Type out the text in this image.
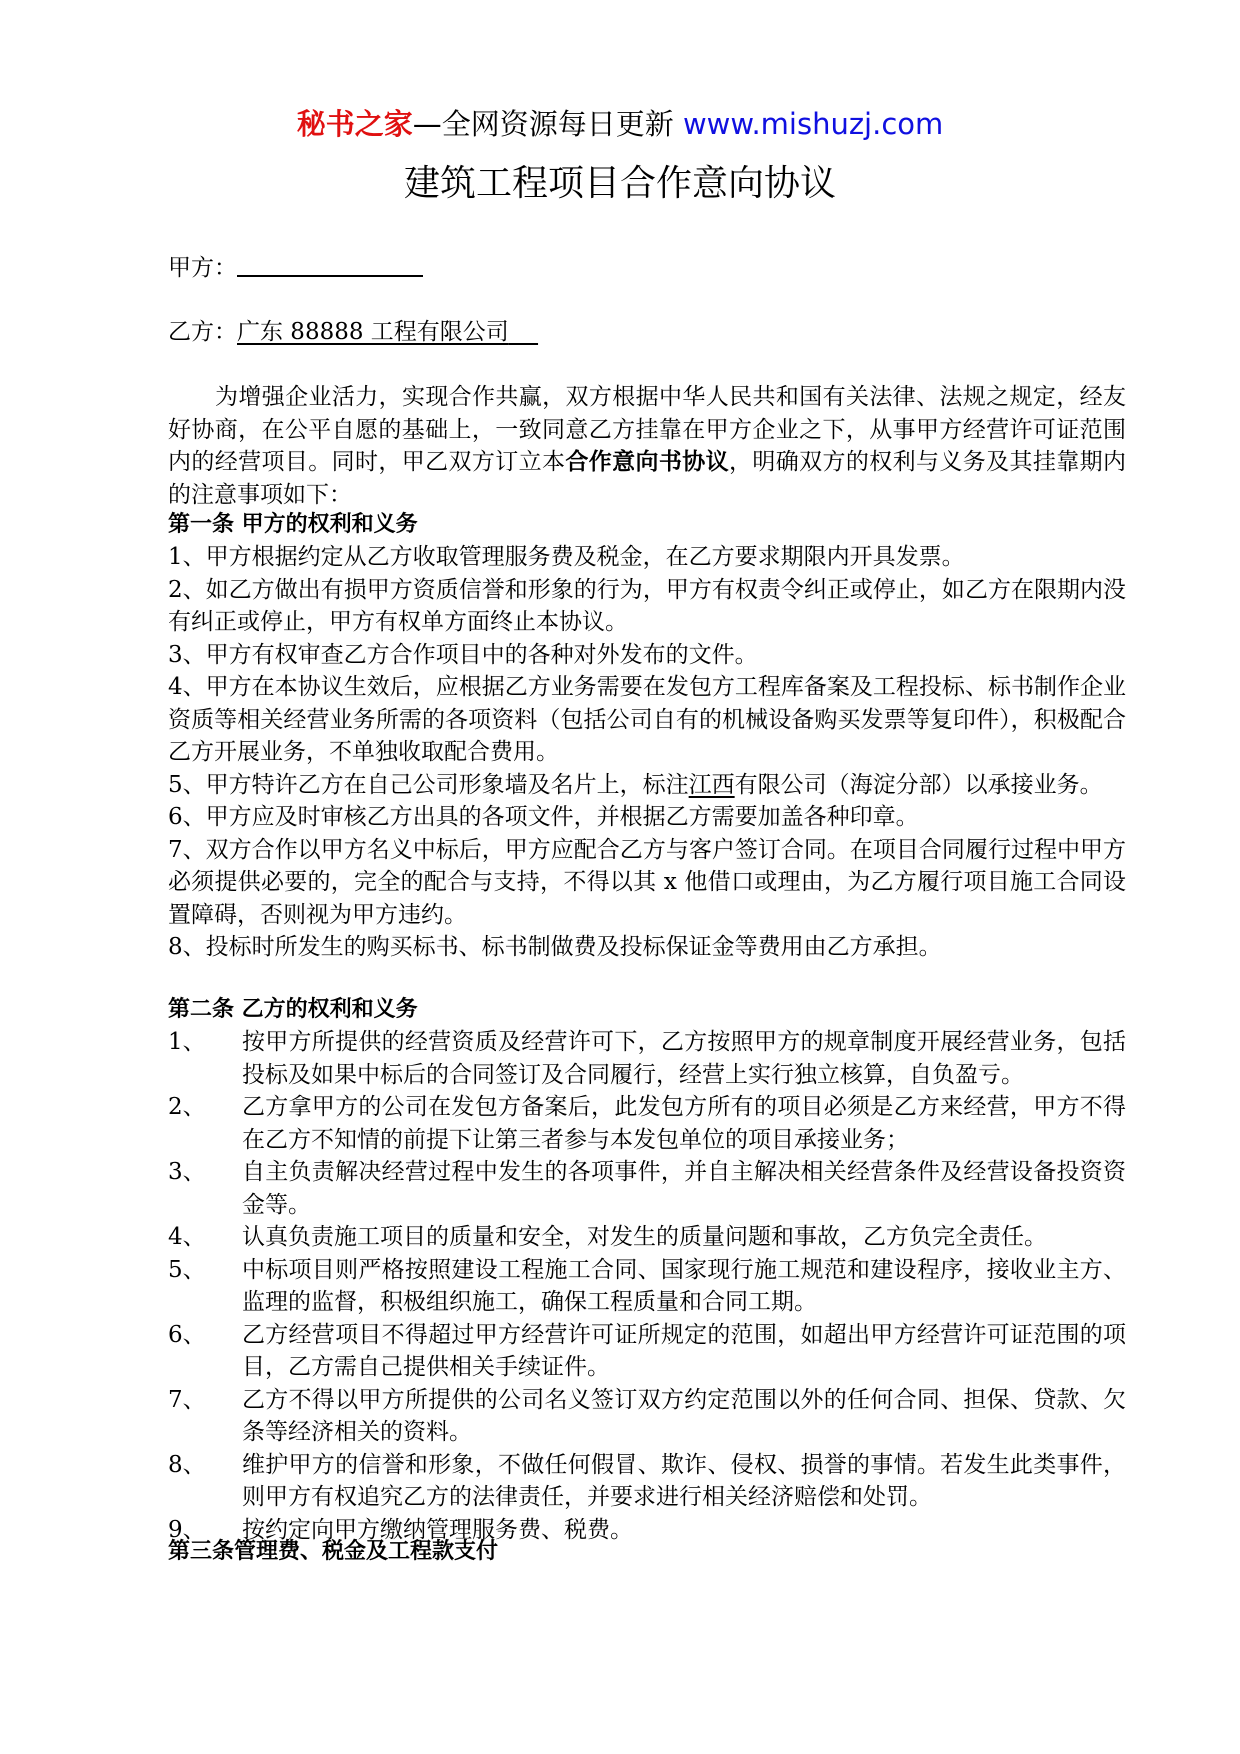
秘书之家—全网资源每日更新 www.mishuzj.com
建筑工程项目合作意向协议
甲方：
乙方：广东 88888 工程有限公司
为增强企业活力，实现合作共赢，双方根据中华人民共和国有关法律、法规之规定，经友好协商，在公平自愿的基础上，一致同意乙方挂靠在甲方企业之下，从事甲方经营许可证范围内的经营项目。同时，甲乙双方订立本合作意向书协议，明确双方的权利与义务及其挂靠期内的注意事项如下：
第一条 甲方的权利和义务

1、甲方根据约定从乙方收取管理服务费及税金，在乙方要求期限内开具发票。

2、如乙方做出有损甲方资质信誉和形象的行为，甲方有权责令纠正或停止，如乙方在限期内没有纠正或停止，甲方有权单方面终止本协议。

3、甲方有权审查乙方合作项目中的各种对外发布的文件。

4、甲方在本协议生效后，应根据乙方业务需要在发包方工程库备案及工程投标、标书制作企业资质等相关经营业务所需的各项资料（包括公司自有的机械设备购买发票等复印件），积极配合乙方开展业务，不单独收取配合费用。

5、甲方特许乙方在自己公司形象墙及名片上，标注江西有限公司（海淀分部）以承接业务。

6、甲方应及时审核乙方出具的各项文件，并根据乙方需要加盖各种印章。

7、双方合作以甲方名义中标后，甲方应配合乙方与客户签订合同。在项目合同履行过程中甲方必须提供必要的，完全的配合与支持，不得以其 x 他借口或理由，为乙方履行项目施工合同设置障碍，否则视为甲方违约。

8、投标时所发生的购买标书、标书制做费及投标保证金等费用由乙方承担。

第二条 乙方的权利和义务
1、 按甲方所提供的经营资质及经营许可下，乙方按照甲方的规章制度开展经营业务，包括投标及如果中标后的合同签订及合同履行，经营上实行独立核算，自负盈亏。
2、 乙方拿甲方的公司在发包方备案后，此发包方所有的项目必须是乙方来经营，甲方不得在乙方不知情的前提下让第三者参与本发包单位的项目承接业务；
3、 自主负责解决经营过程中发生的各项事件，并自主解决相关经营条件及经营设备投资资金等。
4、 认真负责施工项目的质量和安全，对发生的质量问题和事故，乙方负完全责任。
5、 中标项目则严格按照建设工程施工合同、国家现行施工规范和建设程序，接收业主方、监理的监督，积极组织施工，确保工程质量和合同工期。
6、 乙方经营项目不得超过甲方经营许可证所规定的范围，如超出甲方经营许可证范围的项目，乙方需自己提供相关手续证件。
7、 乙方不得以甲方所提供的公司名义签订双方约定范围以外的任何合同、担保、贷款、欠条等经济相关的资料。
8、 维护甲方的信誉和形象，不做任何假冒、欺诈、侵权、损誉的事情。若发生此类事件，则甲方有权追究乙方的法律责任，并要求进行相关经济赔偿和处罚。
9、 按约定向甲方缴纳管理服务费、税费。
第三条管理费、税金及工程款支付
